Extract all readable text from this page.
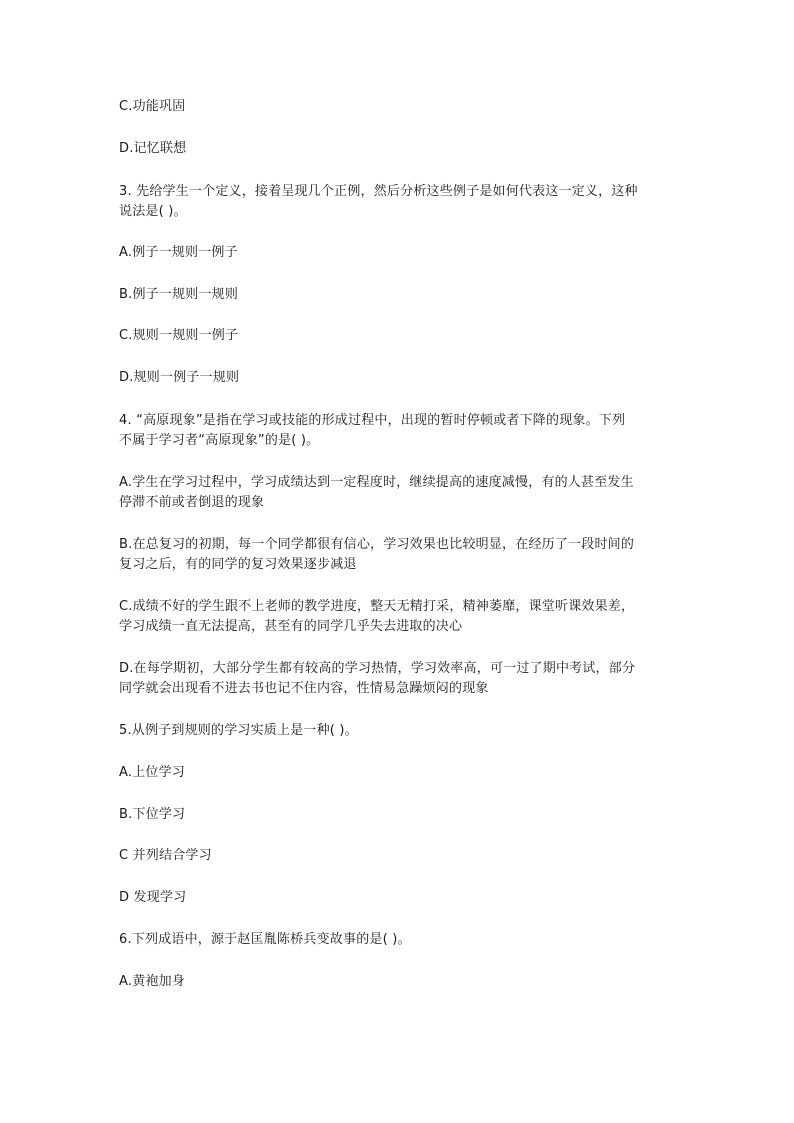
C.功能巩固
D.记忆联想
3. 先给学生一个定义，接着呈现几个正例，然后分析这些例子是如何代表这一定义，这种
说法是( )。
A.例子一规则一例子
B.例子一规则一规则
C.规则一规则一例子
D.规则一例子一规则
4. “高原现象”是指在学习或技能的形成过程中，出现的暂时停顿或者下降的现象。下列
不属于学习者“高原现象”的是( )。
A.学生在学习过程中，学习成绩达到一定程度时，继续提高的速度减慢，有的人甚至发生
停滞不前或者倒退的现象
B.在总复习的初期，每一个同学都很有信心，学习效果也比较明显，在经历了一段时间的
复习之后，有的同学的复习效果逐步减退
C.成绩不好的学生跟不上老师的教学进度，整天无精打采，精神萎靡，课堂听课效果差，
学习成绩一直无法提高，甚至有的同学几乎失去进取的决心
D.在每学期初，大部分学生都有较高的学习热情，学习效率高，可一过了期中考试，部分
同学就会出现看不进去书也记不住内容，性情易急躁烦闷的现象
5.从例子到规则的学习实质上是一种( )。
A.上位学习
B.下位学习
C 并列结合学习
D 发现学习
6.下列成语中，源于赵匡胤陈桥兵变故事的是( )。
A.黄袍加身
